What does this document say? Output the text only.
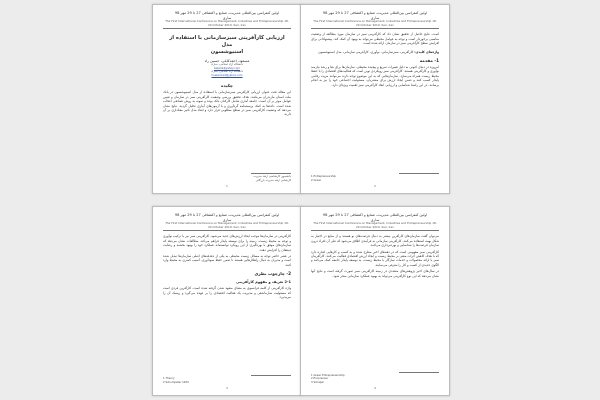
اولین کنفرانس بین‌المللی مدیریت، صنایع و اکتشافی 27 تا 29 مهر 98
ساری
The First International Conference on Management, Industries and Entrepreneurship 18-
20 October 2019, Sari, Iran
ارزیابی کارآفرینی سبزسازمانی با استفاده از مدل
اسنیوشسون
مسعود، احمدکابلی، حسین راد
دانشگاه آزاد اسلامی، ساری
kazemi@yahoo.com
دانشگاه آزاد اسلامی، ساری
hosseinrad@yahoo.com
چکیده

این مقاله تحت عنوان ارزیابی کارآفرینی سبزسازمانی با استفاده از مدل اسنیوشسون در بانک ملت استان مازندران می‌باشد. هدف تحقیق بررسی وضعیت کارآفرینی سبز در سازمان و تعیین عوامل موثر بر آن است. جامعه آماری شامل کارکنان بانک بوده و نمونه به روش تصادفی انتخاب شده است. داده‌ها به کمک پرسشنامه گردآوری و با آزمون‌های آماری تحلیل گردید. نتایج نشان می‌دهد که وضعیت کارآفرینی سبز در سطح مطلوبی قرار دارد و ابعاد مدل تاثیر معناداری بر آن دارند.

دانشجوی کارشناسی ارشد مدیریت
کارشناس ارشد مدیریت بازرگانی
1
اولین کنفرانس بین‌المللی مدیریت، صنایع و اکتشافی 27 تا 29 مهر 98
ساری
The First International Conference on Management, Industries and Entrepreneurship 18-
20 October 2019, Sari, Iran

است. نتایج حاصل از تحقیق نشان داد که کارآفرینی سبز در سازمان مورد مطالعه از وضعیت مناسبی برخوردار است و توجه به عوامل محیطی می‌تواند به بهبود آن کمک کند. پیشنهاداتی برای افزایش سطح کارآفرینی سبز در سازمان ارائه شده است.

واژه‌های کلیدی: کارآفرینی، سبزسازمانی، نوآوری، کارآفرینی سازمانی، مدل اسنیوشسون
1- مقدمه

امروزه در دنیای کنونی به دلیل تغییرات سریع و پیچیده محیطی، سازمان‌ها برای بقا و رشد نیازمند نوآوری و کارآفرینی هستند. کارآفرینی سبز رویکردی نوین است که فعالیت‌های اقتصادی را با حفظ محیط زیست همراه می‌سازد. سازمان‌هایی که به این موضوع توجه دارند می‌توانند مزیت رقابتی پایدار کسب کنند و ضمن ایجاد ارزش برای مشتریان، مسئولیت اجتماعی خود را نیز به انجام برسانند. در این راستا شناسایی و ارزیابی ابعاد کارآفرینی سبز اهمیت ویژه‌ای دارد.

1 Entrepreneurship
2 Green
2
اولین کنفرانس بین‌المللی مدیریت، صنایع و اکتشافی 27 تا 29 مهر 98
ساری
The First International Conference on Management, Industries and Entrepreneurship 18-
20 October 2019, Sari, Iran

کارآفرینی در سازمان‌ها موجب ایجاد ارزش‌های جدید می‌شود. کارآفرینی سبز نیز با ترکیب نوآوری و توجه به محیط زیست، زمینه را برای توسعه پایدار فراهم می‌کند. مطالعات نشان می‌دهد که سازمان‌های موفق با بهره‌گیری از این رویکرد توانسته‌اند عملکرد خود را بهبود بخشند و رضایت ذینفعان را افزایش دهند.

در عصر حاضر توجه به مسائل زیست محیطی به یکی از دغدغه‌های اصلی سازمان‌ها تبدیل شده است و مدیران به دنبال راهکارهایی هستند تا ضمن حفظ سودآوری، آسیب کمتری به محیط وارد کنند.

2- چارچوب نظری
2-1 تعریف و مفهوم کارآفرینی

واژه کارآفرینی از کلمه فرانسوی به معنای متعهد شدن گرفته شده است. کارآفرین فردی است که مسئولیت سازماندهی و مدیریت یک فعالیت اقتصادی را بر عهده می‌گیرد و ریسک آن را می‌پذیرد.

1 Theory
2 Schumpeter 1934
3
اولین کنفرانس بین‌المللی مدیریت، صنایع و اکتشافی 27 تا 29 مهر 98
ساری
The First International Conference on Management, Industries and Entrepreneurship 18-
20 October 2019, Sari, Iran

می‌توان گفت سازمان‌های کارآفرین بیشتر به دنبال فرصت‌های نو هستند و از منابع در اختیار به شکل بهینه استفاده می‌کنند. کارآفرینی سازمانی به فرآیندی اطلاق می‌شود که طی آن افراد درون سازمان فرصت‌ها را شناسایی و بهره‌برداری می‌کنند.

کارآفرینی سبز مفهومی است که در دهه‌های اخیر مطرح شده و به کسب و کارهایی اشاره دارد که با هدف کاهش اثرات منفی بر محیط زیست و ایجاد ارزش اقتصادی فعالیت می‌کنند. کارآفرینان سبز با ارائه محصولات و خدمات سازگار با محیط زیست، به توسعه پایدار جامعه کمک می‌کنند و الگوی جدیدی از کسب و کار را معرفی می‌نمایند.

در سال‌های اخیر پژوهش‌های متعددی در زمینه کارآفرینی سبز صورت گرفته است و نتایج آنها نشان می‌دهد که این نوع کارآفرینی می‌تواند به بهبود عملکرد سازمانی منجر شود.

1 Green Entrepreneurship
2 Ecopreneur
3 Schaper
4
